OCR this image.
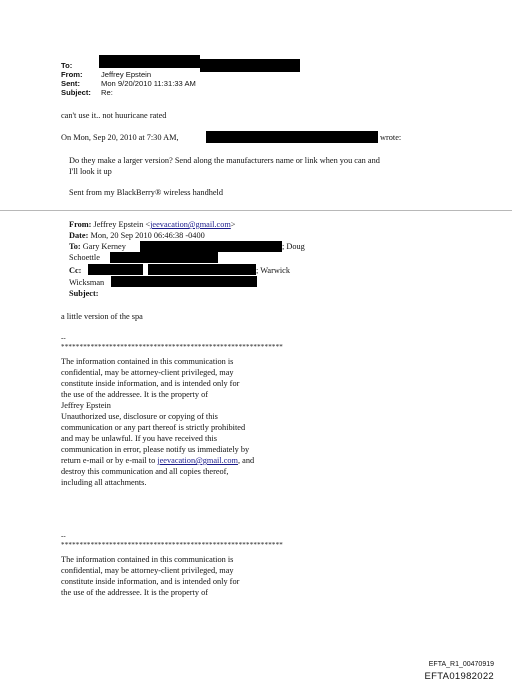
To:
From: Jeffrey Epstein
Sent:	Mon 9/20/2010 11:31:33 AM
Subject: Re:
can't use it.. not huuricane rated
On Mon, Sep 20, 2010 at 7:30 AM,	wrote:
Do they make a larger version? Send along the manufacturers name or link when you can and
I'll look it up
Sent from my BlackBerry® wireless handheld
From: Jeffrey Epstein <jeevacation@gmail.com>
Date: Mon, 20 Sep 2010 06:46:38 -0400
To: Gary Kerney	; Doug
Schoettle
Cc:	; Warwick
Wicksman
Subject:
a little version of the spa
--
************************************************************
The information contained in this communication is
confidential, may be attorney-client privileged, may
constitute inside information, and is intended only for
the use of the addressee. It is the property of
Jeffrey Epstein
Unauthorized use, disclosure or copying of this
communication or any part thereof is strictly prohibited
and may be unlawful. If you have received this
communication in error, please notify us immediately by
return e-mail or by e-mail to jeevacation@gmail.com, and
destroy this communication and all copies thereof,
including all attachments.
--
************************************************************
The information contained in this communication is
confidential, may be attorney-client privileged, may
constitute inside information, and is intended only for
the use of the addressee. It is the property of
EFTA_R1_00470919
EFTA01982022
